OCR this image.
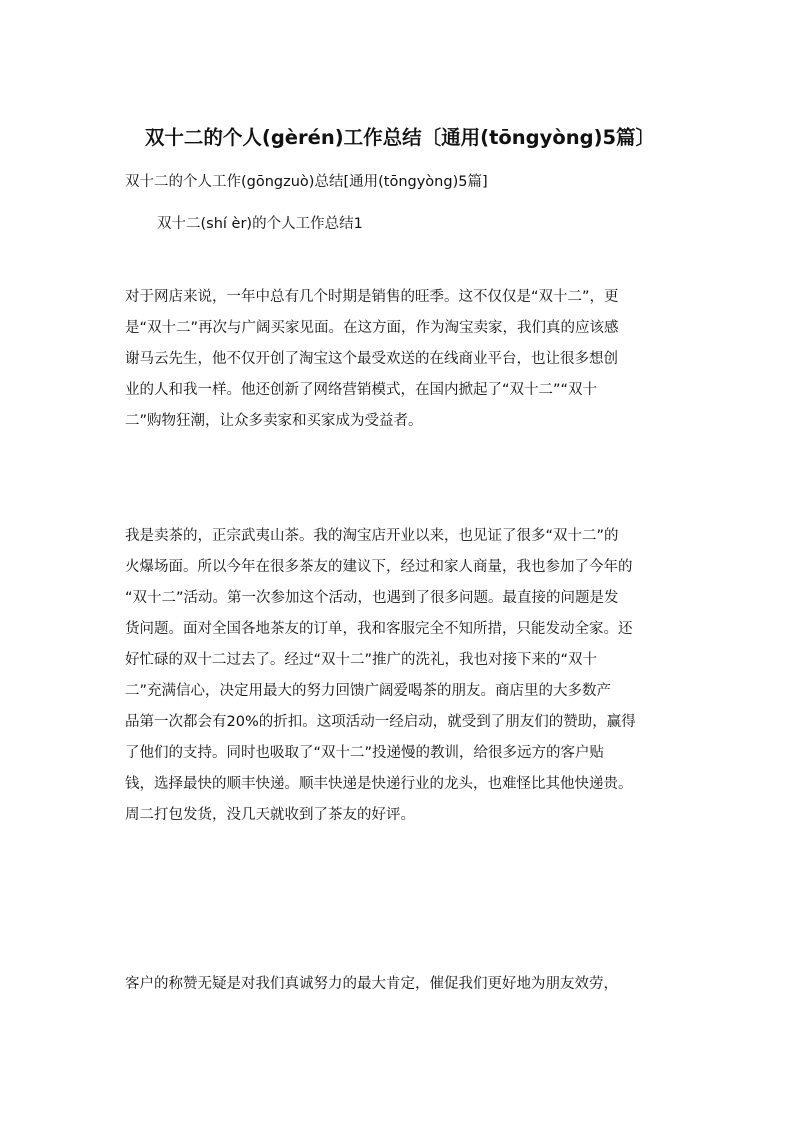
双十二的个人(gèrén)工作总结〔通用(tōngyòng)5篇〕

双十二的个人工作(gōngzuò)总结[通用(tōngyòng)5篇]

双十二(shí èr)的个人工作总结1

对于网店来说，一年中总有几个时期是销售的旺季。这不仅仅是“双十二”，更
是“双十二”再次与广阔买家见面。在这方面，作为淘宝卖家，我们真的应该感
谢马云先生，他不仅开创了淘宝这个最受欢送的在线商业平台，也让很多想创
业的人和我一样。他还创新了网络营销模式，在国内掀起了“双十二”“双十
二”购物狂潮，让众多卖家和买家成为受益者。
我是卖茶的，正宗武夷山茶。我的淘宝店开业以来，也见证了很多“双十二”的
火爆场面。所以今年在很多茶友的建议下，经过和家人商量，我也参加了今年的
“双十二”活动。第一次参加这个活动，也遇到了很多问题。最直接的问题是发
货问题。面对全国各地茶友的订单，我和客服完全不知所措，只能发动全家。还
好忙碌的双十二过去了。经过“双十二”推广的洗礼，我也对接下来的“双十
二”充满信心，决定用最大的努力回馈广阔爱喝茶的朋友。商店里的大多数产
品第一次都会有20%的折扣。这项活动一经启动，就受到了朋友们的赞助，赢得
了他们的支持。同时也吸取了“双十二”投递慢的教训，给很多远方的客户贴
钱，选择最快的顺丰快递。顺丰快递是快递行业的龙头，也难怪比其他快递贵。
周二打包发货，没几天就收到了茶友的好评。
客户的称赞无疑是对我们真诚努力的最大肯定，催促我们更好地为朋友效劳，
